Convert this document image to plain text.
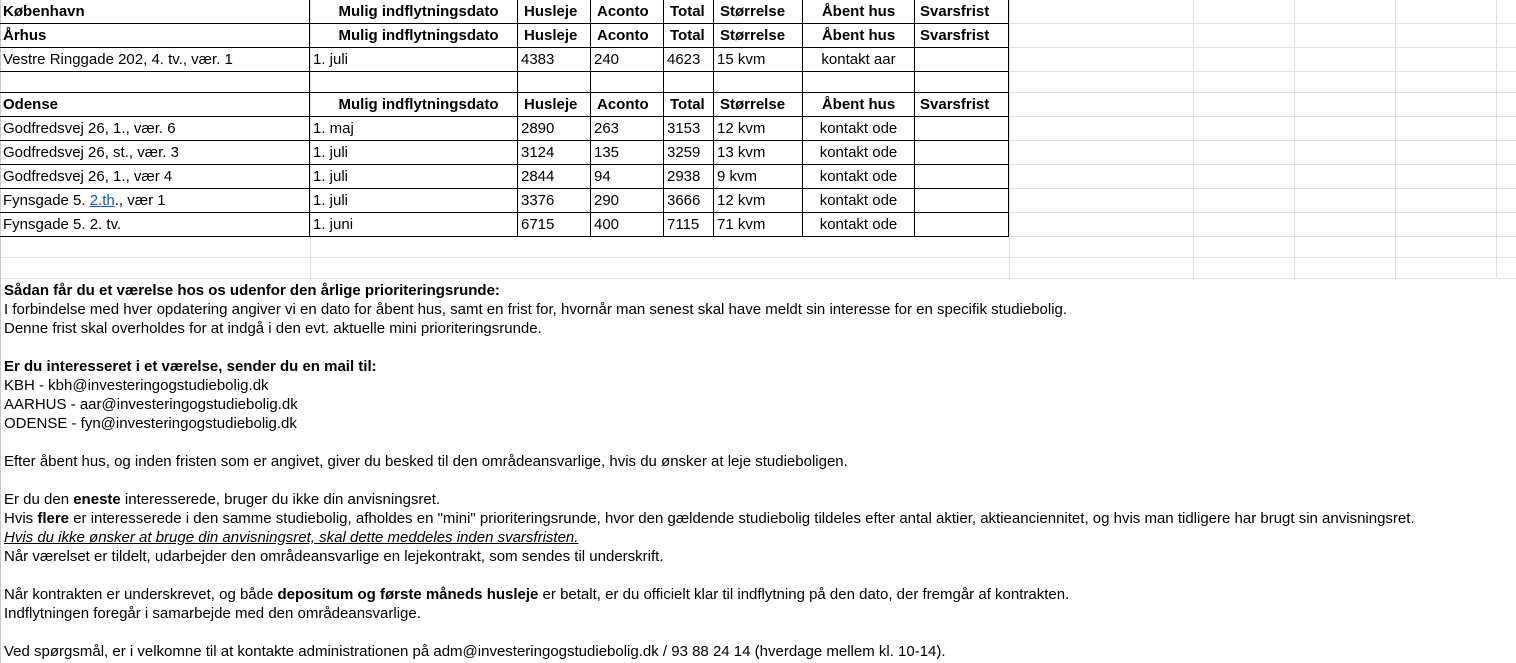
København	Mulig indflytningsdato	Husleje	Aconto	Total	Størrelse	Åbent hus	Svarsfrist
Århus	Mulig indflytningsdato	Husleje	Aconto	Total	Størrelse	Åbent hus	Svarsfrist
Vestre Ringgade 202, 4. tv., vær. 1	1. juli	4383	240	4623	15 kvm	kontakt aar
Odense	Mulig indflytningsdato	Husleje	Aconto	Total	Størrelse	Åbent hus	Svarsfrist
Godfredsvej 26, 1., vær. 6	1. maj	2890	263	3153	12 kvm	kontakt ode
Godfredsvej 26, st., vær. 3	1. juli	3124	135	3259	13 kvm	kontakt ode
Godfredsvej 26, 1., vær 4	1. juli	2844	94	2938	9 kvm	kontakt ode
Fynsgade 5. 2.th., vær 1	1. juli	3376	290	3666	12 kvm	kontakt ode
Fynsgade 5. 2. tv.	1. juni	6715	400	7115	71 kvm	kontakt ode
Sådan får du et værelse hos os udenfor den årlige prioriteringsrunde:
I forbindelse med hver opdatering angiver vi en dato for åbent hus, samt en frist for, hvornår man senest skal have meldt sin interesse for en specifik studiebolig.
Denne frist skal overholdes for at indgå i den evt. aktuelle mini prioriteringsrunde.
Er du interesseret i et værelse, sender du en mail til:
KBH - kbh@investeringogstudiebolig.dk
AARHUS - aar@investeringogstudiebolig.dk
ODENSE - fyn@investeringogstudiebolig.dk
Efter åbent hus, og inden fristen som er angivet, giver du besked til den områdeansvarlige, hvis du ønsker at leje studieboligen.
Er du den eneste interesserede, bruger du ikke din anvisningsret.
Hvis flere er interesserede i den samme studiebolig, afholdes en "mini" prioriteringsrunde, hvor den gældende studiebolig tildeles efter antal aktier, aktieanciennitet, og hvis man tidligere har brugt sin anvisningsret.
Hvis du ikke ønsker at bruge din anvisningsret, skal dette meddeles inden svarsfristen.
Når værelset er tildelt, udarbejder den områdeansvarlige en lejekontrakt, som sendes til underskrift.
Når kontrakten er underskrevet, og både depositum og første måneds husleje er betalt, er du officielt klar til indflytning på den dato, der fremgår af kontrakten.
Indflytningen foregår i samarbejde med den områdeansvarlige.
Ved spørgsmål, er i velkomne til at kontakte administrationen på adm@investeringogstudiebolig.dk / 93 88 24 14 (hverdage mellem kl. 10-14).
